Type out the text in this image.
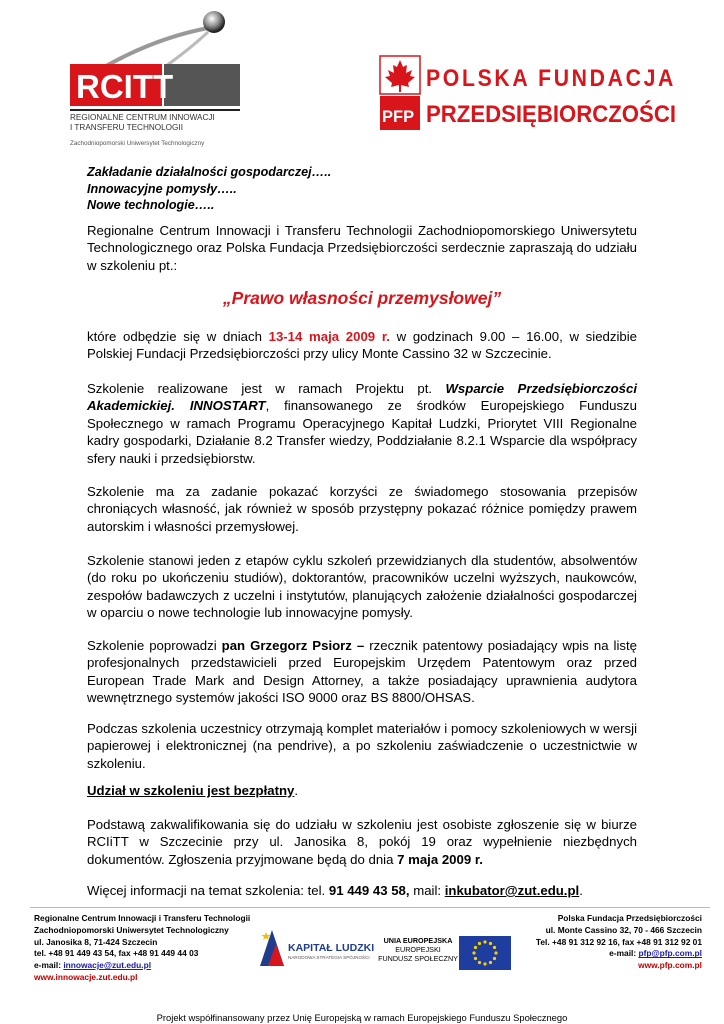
RCITT
REGIONALNE CENTRUM INNOWACJI
I TRANSFERU TECHNOLOGII
Zachodniopomorski Uniwersytet Technologiczny
PFP
POLSKA FUNDACJA
PRZEDSIĘBIORCZOŚCI
Zakładanie działalności gospodarczej…..
Innowacyjne pomysły…..
Nowe technologie…..
Regionalne Centrum Innowacji i Transferu Technologii Zachodniopomorskiego Uniwersytetu Technologicznego oraz Polska Fundacja Przedsiębiorczości serdecznie zapraszają do udziału w szkoleniu pt.:
„Prawo własności przemysłowej”
które odbędzie się w dniach 13-14 maja 2009 r. w godzinach 9.00 – 16.00, w siedzibie Polskiej Fundacji Przedsiębiorczości przy ulicy Monte Cassino 32 w Szczecinie.
Szkolenie realizowane jest w ramach Projektu pt. Wsparcie Przedsiębiorczości Akademickiej. INNOSTART, finansowanego ze środków Europejskiego Funduszu Społecznego w ramach Programu Operacyjnego Kapitał Ludzki, Priorytet VIII Regionalne kadry gospodarki, Działanie 8.2 Transfer wiedzy, Poddziałanie 8.2.1 Wsparcie dla współpracy sfery nauki i przedsiębiorstw.
Szkolenie ma za zadanie pokazać korzyści ze świadomego stosowania przepisów chroniących własność, jak również w sposób przystępny pokazać różnice pomiędzy prawem autorskim i własności przemysłowej.
Szkolenie stanowi jeden z etapów cyklu szkoleń przewidzianych dla studentów, absolwentów (do roku po ukończeniu studiów), doktorantów, pracowników uczelni wyższych, naukowców, zespołów badawczych z uczelni i instytutów, planujących założenie działalności gospodarczej w oparciu o nowe technologie lub innowacyjne pomysły.
Szkolenie poprowadzi pan Grzegorz Psiorz – rzecznik patentowy posiadający wpis na listę profesjonalnych przedstawicieli przed Europejskim Urzędem Patentowym oraz przed European Trade Mark and Design Attorney, a także posiadający uprawnienia audytora wewnętrznego systemów jakości ISO 9000 oraz BS 8800/OHSAS.
Podczas szkolenia uczestnicy otrzymają komplet materiałów i pomocy szkoleniowych w wersji papierowej i elektronicznej (na pendrive), a po szkoleniu zaświadczenie o uczestnictwie w szkoleniu.
Udział w szkoleniu jest bezpłatny.
Podstawą zakwalifikowania się do udziału w szkoleniu jest osobiste zgłoszenie się w biurze RCIiTT w Szczecinie przy ul. Janosika 8, pokój 19 oraz wypełnienie niezbędnych dokumentów. Zgłoszenia przyjmowane będą do dnia 7 maja 2009 r.
Więcej informacji na temat szkolenia: tel. 91 449 43 58, mail: inkubator@zut.edu.pl.
Regionalne Centrum Innowacji i Transferu Technologii
Zachodniopomorski Uniwersytet Technologiczny
ul. Janosika 8, 71-424 Szczecin
tel. +48 91 449 43 54, fax +48 91 449 44 03
e-mail: innowacje@zut.edu.pl
www.innowacje.zut.edu.pl
KAPITAŁ LUDZKI
NARODOWA STRATEGIA SPÓJNOŚCI
UNIA EUROPEJSKA
EUROPEJSKI
FUNDUSZ SPOŁECZNY
Polska Fundacja Przedsiębiorczości
ul. Monte Cassino 32, 70 - 466 Szczecin
Tel. +48 91 312 92 16, fax +48 91 312 92 01
e-mail: pfp@pfp.com.pl
www.pfp.com.pl
Projekt współfinansowany przez Unię Europejską w ramach Europejskiego Funduszu Społecznego
